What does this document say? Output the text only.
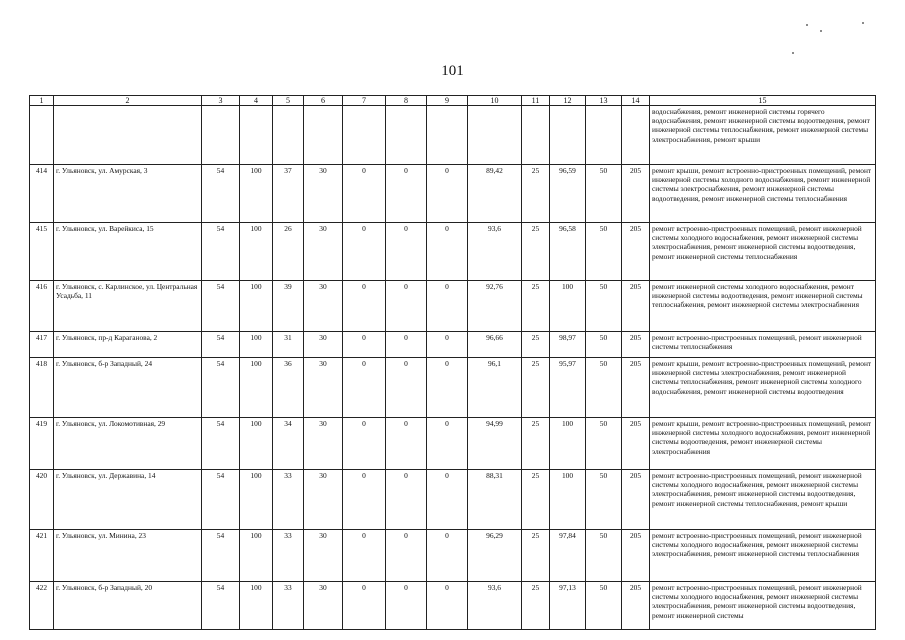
101
1	2	3	4	5	6	7	8	9	10	11	12	13	14	15
														водоснабжения, ремонт инженерной системы горячего водоснабжения, ремонт инженерной системы водоотведения, ремонт инженерной системы теплоснабжения, ремонт инженерной системы электроснабжения, ремонт крыши
414	г. Ульяновск, ул. Амурская, 3	54	100	37	30	0	0	0	89,42	25	96,59	50	205	ремонт крыши, ремонт встроенно-пристроенных помещений, ремонт инженерной системы холодного водоснабжения, ремонт инженерной системы электроснабжения, ремонт инженерной системы водоотведения, ремонт инженерной системы теплоснабжения
415	г. Ульяновск, ул. Варейкиса, 15	54	100	26	30	0	0	0	93,6	25	96,58	50	205	ремонт встроенно-пристроенных помещений, ремонт инженерной системы холодного водоснабжения, ремонт инженерной системы электроснабжения, ремонт инженерной системы водоотведения, ремонт инженерной системы теплоснабжения
416	г. Ульяновск, с. Карлинское, ул. Центральная Усадьба, 11	54	100	39	30	0	0	0	92,76	25	100	50	205	ремонт инженерной системы холодного водоснабжения, ремонт инженерной системы водоотведения, ремонт инженерной системы теплоснабжения, ремонт инженерной системы электроснабжения
417	г. Ульяновск, пр-д Караганова, 2	54	100	31	30	0	0	0	96,66	25	98,97	50	205	ремонт встроенно-пристроенных помещений, ремонт инженерной системы теплоснабжения
418	г. Ульяновск, б-р Западный, 24	54	100	36	30	0	0	0	96,1	25	95,97	50	205	ремонт крыши, ремонт встроенно-пристроенных помещений, ремонт инженерной системы электроснабжения, ремонт инженерной системы теплоснабжения, ремонт инженерной системы холодного водоснабжения, ремонт инженерной системы водоотведения
419	г. Ульяновск, ул. Локомотивная, 29	54	100	34	30	0	0	0	94,99	25	100	50	205	ремонт крыши, ремонт встроенно-пристроенных помещений, ремонт инженерной системы холодного водоснабжения, ремонт инженерной системы водоотведения, ремонт инженерной системы электроснабжения
420	г. Ульяновск, ул. Державина, 14	54	100	33	30	0	0	0	88,31	25	100	50	205	ремонт встроенно-пристроенных помещений, ремонт инженерной системы холодного водоснабжения, ремонт инженерной системы электроснабжения, ремонт инженерной системы водоотведения, ремонт инженерной системы теплоснабжения, ремонт крыши
421	г. Ульяновск, ул. Минина, 23	54	100	33	30	0	0	0	96,29	25	97,84	50	205	ремонт встроенно-пристроенных помещений, ремонт инженерной системы холодного водоснабжения, ремонт инженерной системы электроснабжения, ремонт инженерной системы теплоснабжения
422	г. Ульяновск, б-р Западный, 20	54	100	33	30	0	0	0	93,6	25	97,13	50	205	ремонт встроенно-пристроенных помещений, ремонт инженерной системы холодного водоснабжения, ремонт инженерной системы электроснабжения, ремонт инженерной системы водоотведения, ремонт инженерной системы
